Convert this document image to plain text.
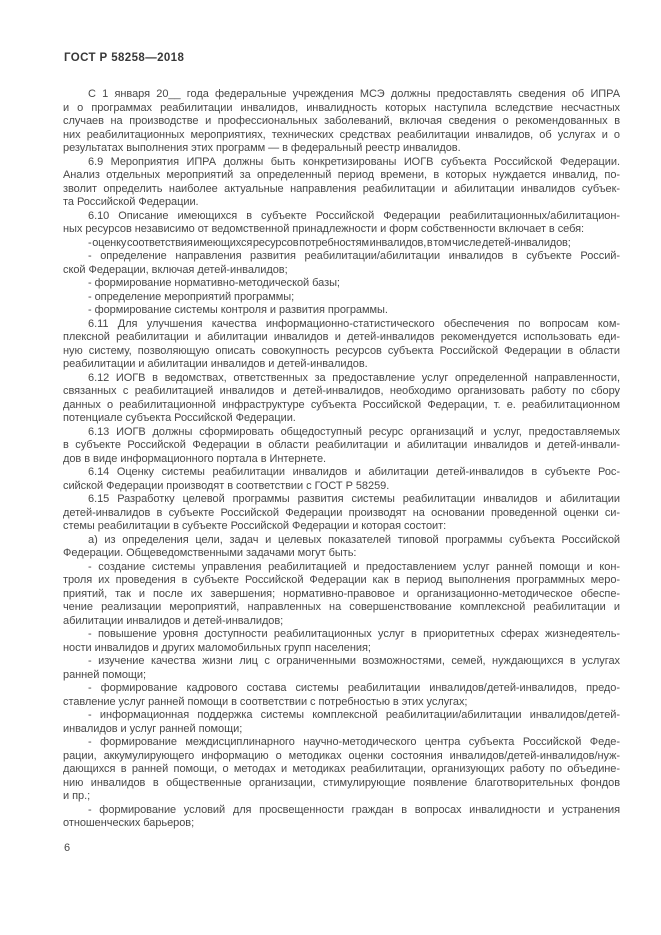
ГОСТ Р 58258—2018
С 1 января 20__ года федеральные учреждения МСЭ должны предоставлять сведения об ИПРА
и о программах реабилитации инвалидов, инвалидность которых наступила вследствие несчастных
случаев на производстве и профессиональных заболеваний, включая сведения о рекомендованных в
них реабилитационных мероприятиях, технических средствах реабилитации инвалидов, об услугах и о
результатах выполнения этих программ — в федеральный реестр инвалидов.
6.9 Мероприятия ИПРА должны быть конкретизированы ИОГВ субъекта Российской Федерации.
Анализ отдельных мероприятий за определенный период времени, в которых нуждается инвалид, по-
зволит определить наиболее актуальные направления реабилитации и абилитации инвалидов субъек-
та Российской Федерации.
6.10 Описание имеющихся в субъекте Российской Федерации реабилитационных/абилитацион-
ных ресурсов независимо от ведомственной принадлежности и форм собственности включает в себя:
- оценку соответствия имеющихся ресурсов потребностям инвалидов, в том числе детей-инвалидов;
- определение направления развития реабилитации/абилитации инвалидов в субъекте Россий-
ской Федерации, включая детей-инвалидов;
- формирование нормативно-методической базы;
- определение мероприятий программы;
- формирование системы контроля и развития программы.
6.11 Для улучшения качества информационно-статистического обеспечения по вопросам ком-
плексной реабилитации и абилитации инвалидов и детей-инвалидов рекомендуется использовать еди-
ную систему, позволяющую описать совокупность ресурсов субъекта Российской Федерации в области
реабилитации и абилитации инвалидов и детей-инвалидов.
6.12 ИОГВ в ведомствах, ответственных за предоставление услуг определенной направленности,
связанных с реабилитацией инвалидов и детей-инвалидов, необходимо организовать работу по сбору
данных о реабилитационной инфраструктуре субъекта Российской Федерации, т. е. реабилитационном
потенциале субъекта Российской Федерации.
6.13 ИОГВ должны сформировать общедоступный ресурс организаций и услуг, предоставляемых
в субъекте Российской Федерации в области реабилитации и абилитации инвалидов и детей-инвали-
дов в виде информационного портала в Интернете.
6.14 Оценку системы реабилитации инвалидов и абилитации детей-инвалидов в субъекте Рос-
сийской Федерации производят в соответствии с ГОСТ Р 58259.
6.15 Разработку целевой программы развития системы реабилитации инвалидов и абилитации
детей-инвалидов в субъекте Российской Федерации производят на основании проведенной оценки си-
стемы реабилитации в субъекте Российской Федерации и которая состоит:
а) из определения цели, задач и целевых показателей типовой программы субъекта Российской
Федерации. Общеведомственными задачами могут быть:
- создание системы управления реабилитацией и предоставлением услуг ранней помощи и кон-
троля их проведения в субъекте Российской Федерации как в период выполнения программных меро-
приятий, так и после их завершения; нормативно-правовое и организационно-методическое обеспе-
чение реализации мероприятий, направленных на совершенствование комплексной реабилитации и
абилитации инвалидов и детей-инвалидов;
- повышение уровня доступности реабилитационных услуг в приоритетных сферах жизнедеятель-
ности инвалидов и других маломобильных групп населения;
- изучение качества жизни лиц с ограниченными возможностями, семей, нуждающихся в услугах
ранней помощи;
- формирование кадрового состава системы реабилитации инвалидов/детей-инвалидов, предо-
ставление услуг ранней помощи в соответствии с потребностью в этих услугах;
- информационная поддержка системы комплексной реабилитации/абилитации инвалидов/детей-
инвалидов и услуг ранней помощи;
- формирование междисциплинарного научно-методического центра субъекта Российской Феде-
рации, аккумулирующего информацию о методиках оценки состояния инвалидов/детей-инвалидов/нуж-
дающихся в ранней помощи, о методах и методиках реабилитации, организующих работу по объедине-
нию инвалидов в общественные организации, стимулирующие появление благотворительных фондов
и пр.;
- формирование условий для просвещенности граждан в вопросах инвалидности и устранения
отношенческих барьеров;
6
